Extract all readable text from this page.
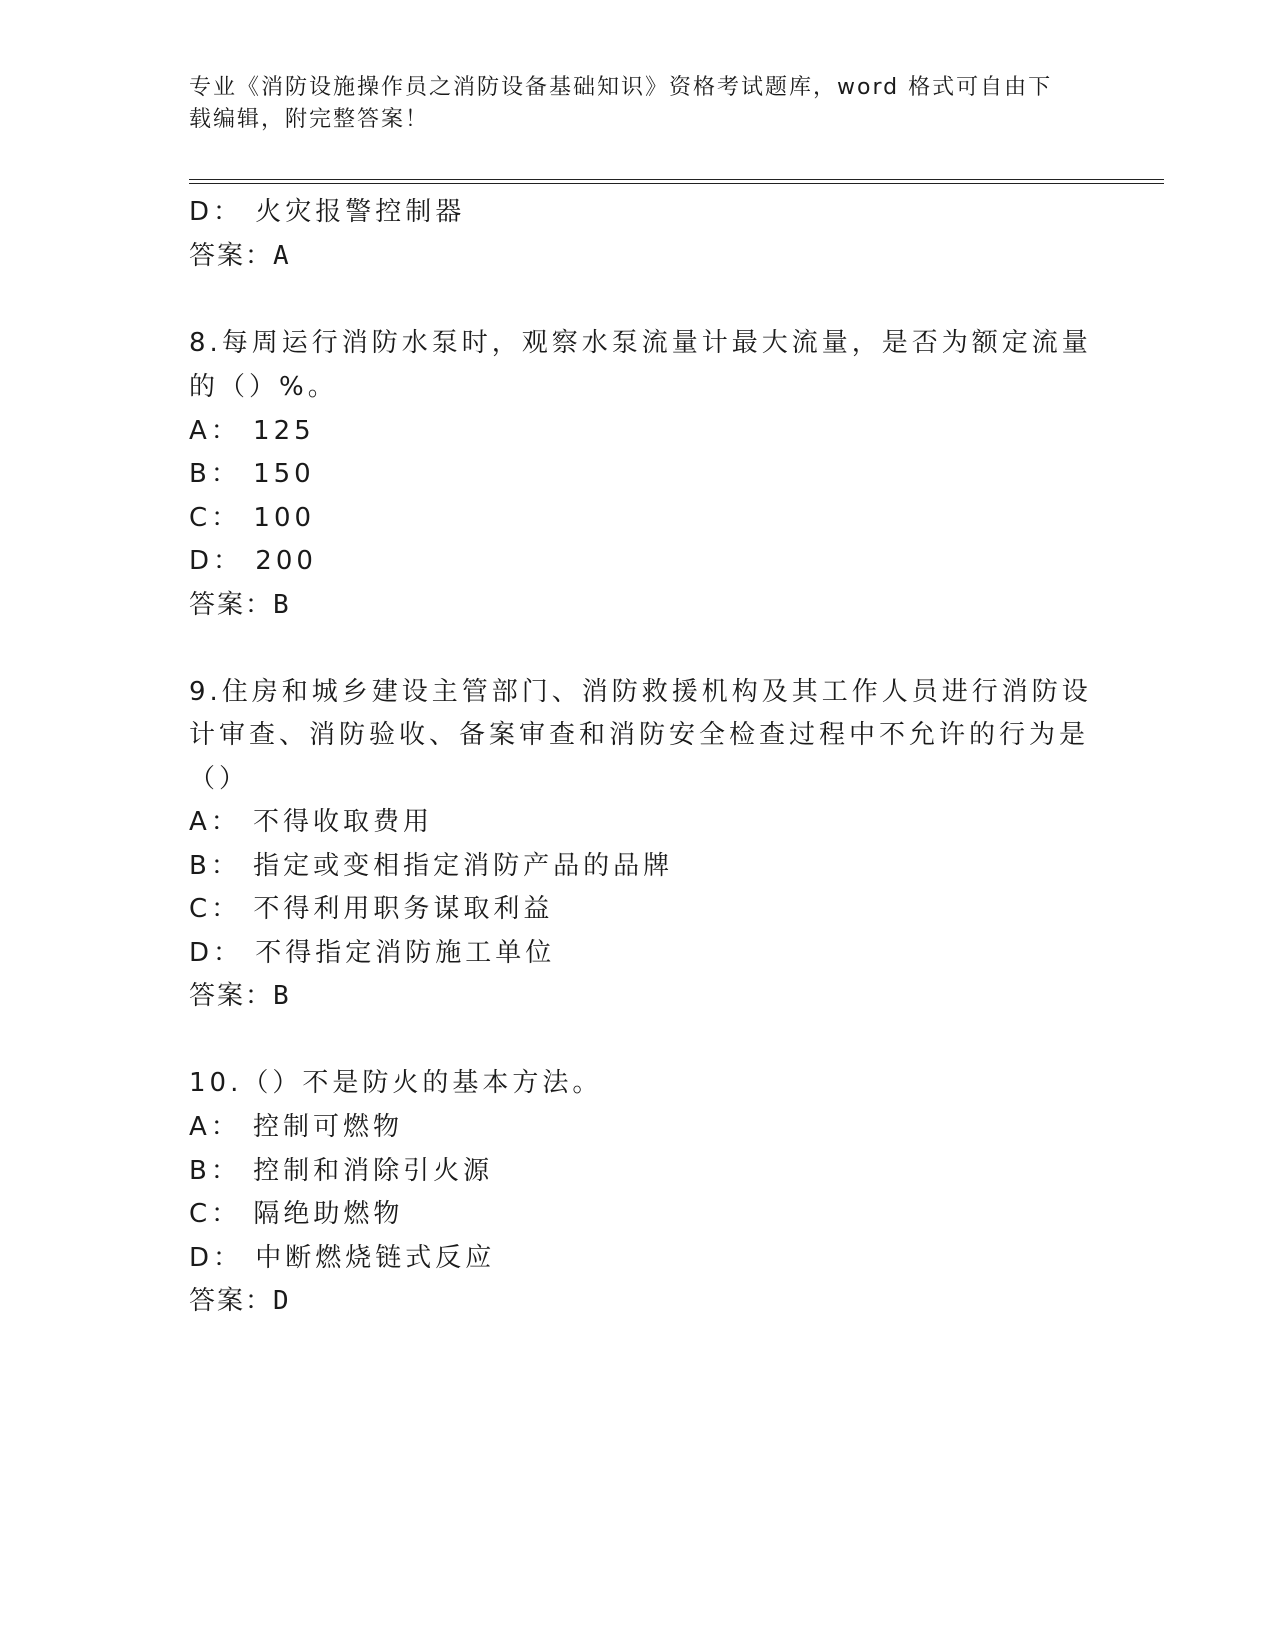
专业《消防设施操作员之消防设备基础知识》资格考试题库，word 格式可自由下
载编辑，附完整答案！
D： 火灾报警控制器
答案：A
8.每周运行消防水泵时，观察水泵流量计最大流量，是否为额定流量
的（）%。
A： 125
B： 150
C： 100
D： 200
答案：B
9.住房和城乡建设主管部门、消防救援机构及其工作人员进行消防设
计审查、消防验收、备案审查和消防安全检查过程中不允许的行为是
（）
A： 不得收取费用
B： 指定或变相指定消防产品的品牌
C： 不得利用职务谋取利益
D： 不得指定消防施工单位
答案：B
10.（）不是防火的基本方法。
A： 控制可燃物
B： 控制和消除引火源
C： 隔绝助燃物
D： 中断燃烧链式反应
答案：D
